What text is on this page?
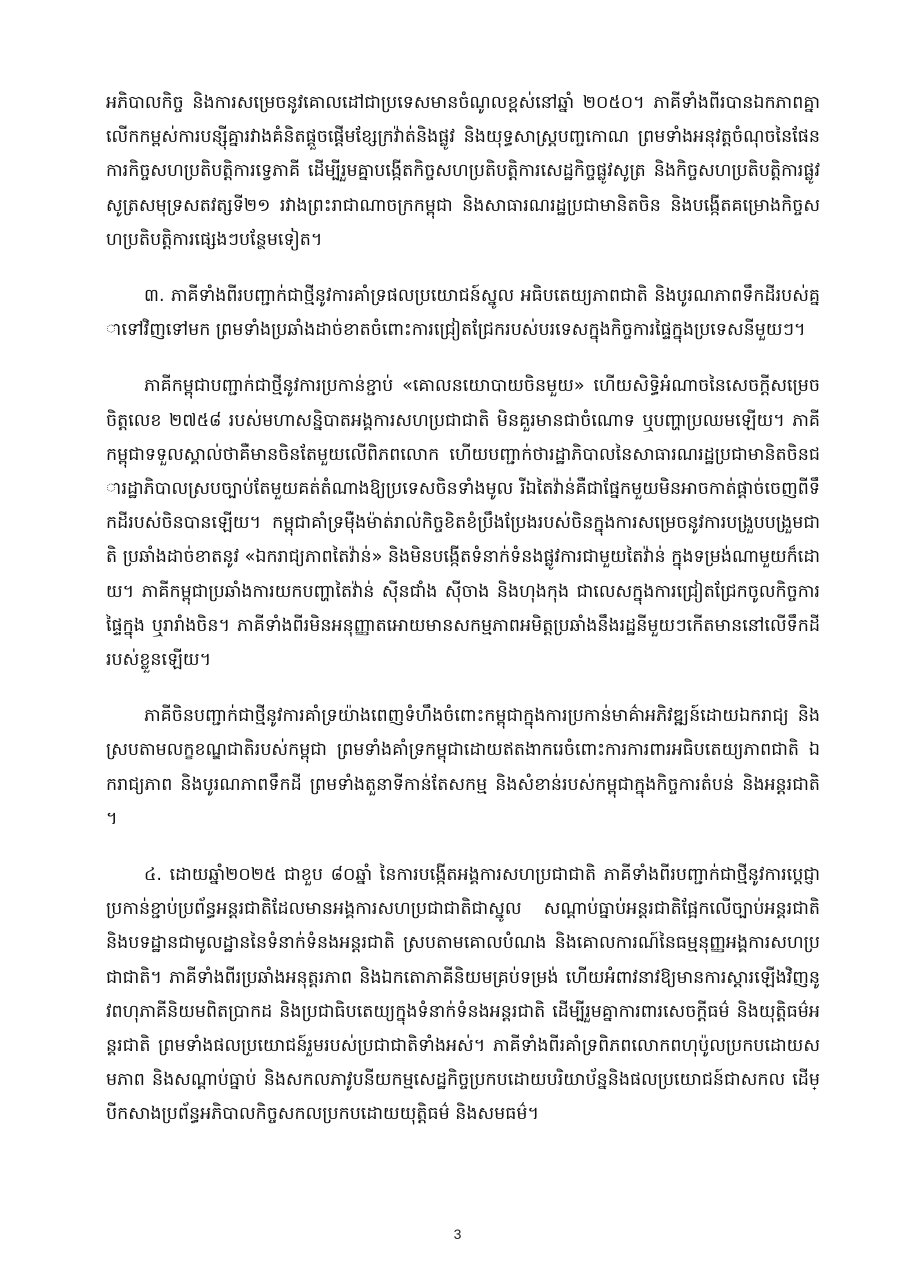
អភិបាលកិច្ច និងការសម្រេចនូវគោលដៅជាប្រទេសមានចំណូលខ្ពស់នៅឆ្នាំ ២០៥០។ ភាគីទាំងពីរបានឯកភាពគ្នាលើកកម្ពស់ការបន្សុីគ្នារវាងគំនិតផ្តួចផ្តើមខ្សែក្រវ៉ាត់និងផ្លូវ និងយុទ្ធសាស្ត្របញ្ចកោណ ព្រមទាំងអនុវត្តចំណុចនៃផែនការកិច្ចសហប្រតិបត្តិការទ្វេភាគី ដើម្បីរួមគ្នាបង្កើតកិច្ចសហប្រតិបត្តិការសេដ្ឋកិច្ចផ្លូវសូត្រ និងកិច្ចសហប្រតិបត្តិការផ្លូវសូត្រសមុទ្រសតវត្សទី២១ រវាងព្រះរាជាណាចក្រកម្ពុជា និងសាធារណរដ្ឋប្រជាមានិតចិន និងបង្កើតគម្រោងកិច្ចសហប្រតិបត្តិការផ្សេងៗបន្ថែមទៀត។

៣. ភាគីទាំងពីរបញ្ជាក់ជាថ្មីនូវការគាំទ្រផលប្រយោជន៍ស្នូល អធិបតេយ្យភាពជាតិ និងបូរណភាពទឹកដីរបស់គ្នាទៅវិញទៅមក ព្រមទាំងប្រឆាំងដាច់ខាតចំពោះការជ្រៀតជ្រែករបស់បរទេសក្នុងកិច្ចការផ្ទៃក្នុងប្រទេសនីមួយៗ។

ភាគីកម្ពុជាបញ្ជាក់ជាថ្មីនូវការប្រកាន់ខ្ជាប់ «គោលនយោបាយចិនមួយ» ហើយសិទ្ធិអំណាចនៃសេចក្តីសម្រេចចិត្តលេខ ២៧៥៨ របស់មហាសន្និបាតអង្គការសហប្រជាជាតិ មិនគួរមានជាចំណោទ ឬបញ្ហាប្រឈមឡើយ។ ភាគីកម្ពុជាទទួលស្គាល់ថាគឺមានចិនតែមួយលើពិភពលោក ហើយបញ្ជាក់ថារដ្ឋាភិបាលនៃសាធារណរដ្ឋប្រជាមានិតចិនជារដ្ឋាភិបាលស្របច្បាប់តែមួយគត់តំណាងឱ្យប្រទេសចិនទាំងមូល រីឯតៃវ៉ាន់គឺជាផ្នែកមួយមិនអាចកាត់ផ្តាច់ចេញពីទឹកដីរបស់ចិនបានឡើយ។ កម្ពុជាគាំទ្រមុឺងម៉ាត់រាល់កិច្ចខិតខំប្រឹងប្រែងរបស់ចិនក្នុងការសម្រេចនូវការបង្រួបបង្រួមជាតិ ប្រឆាំងដាច់ខាតនូវ «ឯករាជ្យភាពតៃវ៉ាន់» និងមិនបង្កើតទំនាក់ទំនងផ្លូវការជាមួយតៃវ៉ាន់ ក្នុងទម្រង់ណាមួយក៏ដោយ។ ភាគីកម្ពុជាប្រឆាំងការយកបញ្ហាតៃវ៉ាន់ ស៊ីនជាំង ស៊ីចាង និងហុងកុង ជាលេសក្នុងការជ្រៀតជ្រែកចូលកិច្ចការផ្ទៃក្នុង ឬរារាំងចិន។ ភាគីទាំងពីរមិនអនុញ្ញាតអោយមានសកម្មភាពអមិត្តប្រឆាំងនឹងរដ្ឋនីមួយៗកើតមាននៅលើទឹកដីរបស់ខ្លួនឡើយ។

ភាគីចិនបញ្ជាក់ជាថ្មីនូវការគាំទ្រយ៉ាងពេញទំហឹងចំពោះកម្ពុជាក្នុងការប្រកាន់មាគ៌ាអភិវឌ្ឍន៍ដោយឯករាជ្យ និងស្របតាមលក្ខខណ្ឌជាតិរបស់កម្ពុជា ព្រមទាំងគាំទ្រកម្ពុជាដោយឥតងាករេចំពោះការការពារអធិបតេយ្យភាពជាតិ ឯករាជ្យភាព និងបូរណភាពទឹកដី ព្រមទាំងតួនាទីកាន់តែសកម្ម និងសំខាន់របស់កម្ពុជាក្នុងកិច្ចការតំបន់ និងអន្តរជាតិ។

៤. ដោយឆ្នាំ២០២៥ ជាខួប ៨០ឆ្នាំ នៃការបង្កើតអង្គការសហប្រជាជាតិ ភាគីទាំងពីរបញ្ជាក់ជាថ្មីនូវការប្តេជ្ញាប្រកាន់ខ្ជាប់ប្រព័ន្ធអន្តរជាតិដែលមានអង្គការសហប្រជាជាតិជាស្នូល សណ្តាប់ធ្នាប់អន្តរជាតិផ្អែកលើច្បាប់អន្តរជាតិ និងបទដ្ឋានជាមូលដ្ឋាននៃទំនាក់ទំនងអន្តរជាតិ ស្របតាមគោលបំណង និងគោលការណ៍នៃធម្មនុញ្ញអង្គការសហប្រជាជាតិ។ ភាគីទាំងពីរប្រឆាំងអនុត្តរភាព និងឯកតោភាគីនិយមគ្រប់ទម្រង់ ហើយអំពាវនាវឱ្យមានការស្តារឡើងវិញនូវពហុភាគីនិយមពិតប្រាកដ និងប្រជាធិបតេយ្យក្នុងទំនាក់ទំនងអន្តរជាតិ ដើម្បីរួមគ្នាការពារសេចក្តីធម៌ និងយុត្តិធម៌អន្តរជាតិ ព្រមទាំងផលប្រយោជន៍រួមរបស់ប្រជាជាតិទាំងអស់។ ភាគីទាំងពីរគាំទ្រពិភពលោកពហុប៉ូលប្រកបដោយសមភាព និងសណ្តាប់ធ្នាប់ និងសកលភាវូបនីយកម្មសេដ្ឋកិច្ចប្រកបដោយបរិយាប័ន្ននិងផលប្រយោជន៍ជាសកល ដើម្បីកសាងប្រព័ន្ធអភិបាលកិច្ចសកលប្រកបដោយយុត្តិធម៌ និងសមធម៌។

3
